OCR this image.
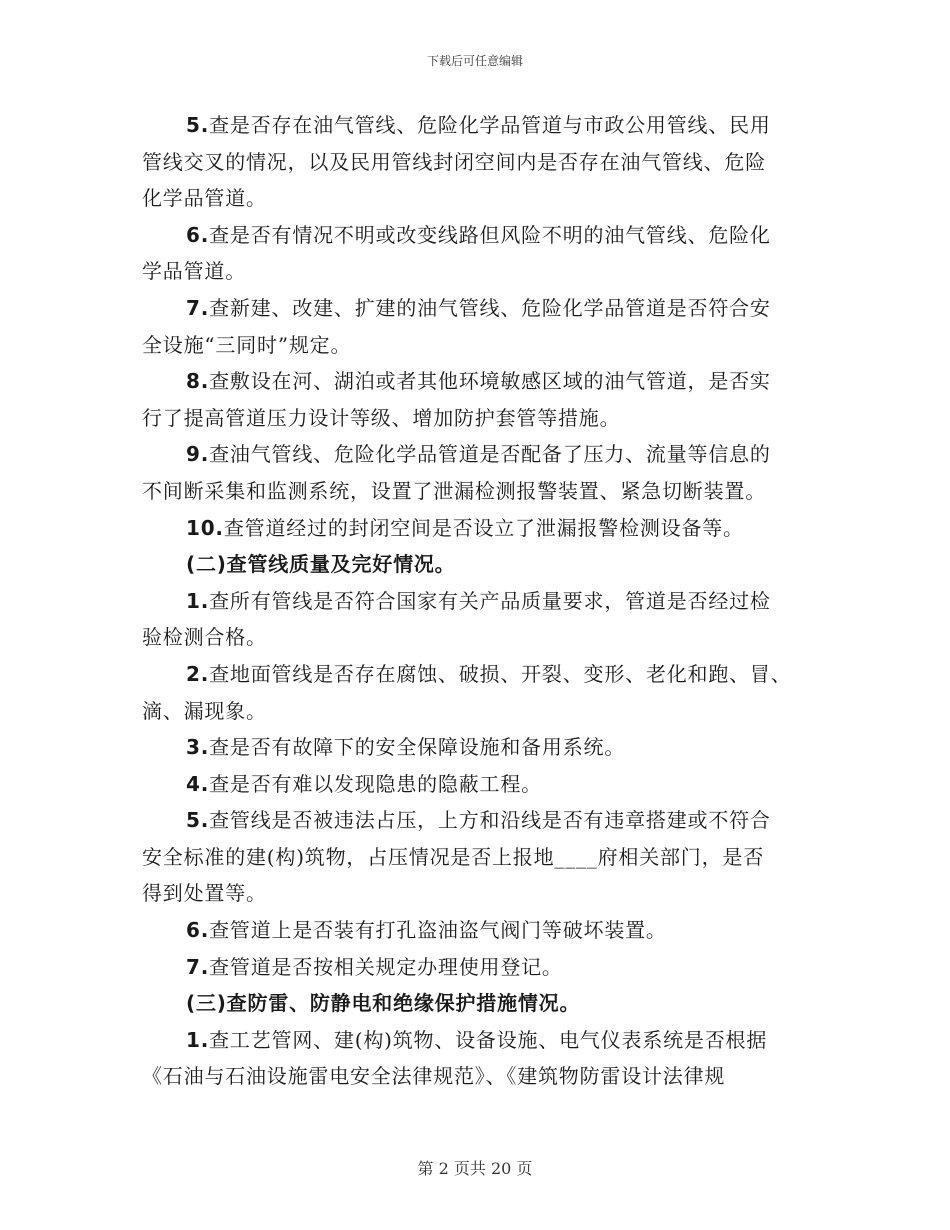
下载后可任意编辑
5.查是否存在油气管线、危险化学品管道与市政公用管线、民用
管线交叉的情况，以及民用管线封闭空间内是否存在油气管线、危险
化学品管道。
6.查是否有情况不明或改变线路但风险不明的油气管线、危险化
学品管道。
7.查新建、改建、扩建的油气管线、危险化学品管道是否符合安
全设施“三同时”规定。
8.查敷设在河、湖泊或者其他环境敏感区域的油气管道，是否实
行了提高管道压力设计等级、增加防护套管等措施。
9.查油气管线、危险化学品管道是否配备了压力、流量等信息的
不间断采集和监测系统，设置了泄漏检测报警装置、紧急切断装置。
10.查管道经过的封闭空间是否设立了泄漏报警检测设备等。
(二)查管线质量及完好情况。
1.查所有管线是否符合国家有关产品质量要求，管道是否经过检
验检测合格。
2.查地面管线是否存在腐蚀、破损、开裂、变形、老化和跑、冒、
滴、漏现象。
3.查是否有故障下的安全保障设施和备用系统。
4.查是否有难以发现隐患的隐蔽工程。
5.查管线是否被违法占压，上方和沿线是否有违章搭建或不符合
安全标准的建(构)筑物，占压情况是否上报地____府相关部门，是否
得到处置等。
6.查管道上是否装有打孔盗油盗气阀门等破坏装置。
7.查管道是否按相关规定办理使用登记。
(三)查防雷、防静电和绝缘保护措施情况。
1.查工艺管网、建(构)筑物、设备设施、电气仪表系统是否根据
《石油与石油设施雷电安全法律规范》、《建筑物防雷设计法律规
第 2 页共 20 页
